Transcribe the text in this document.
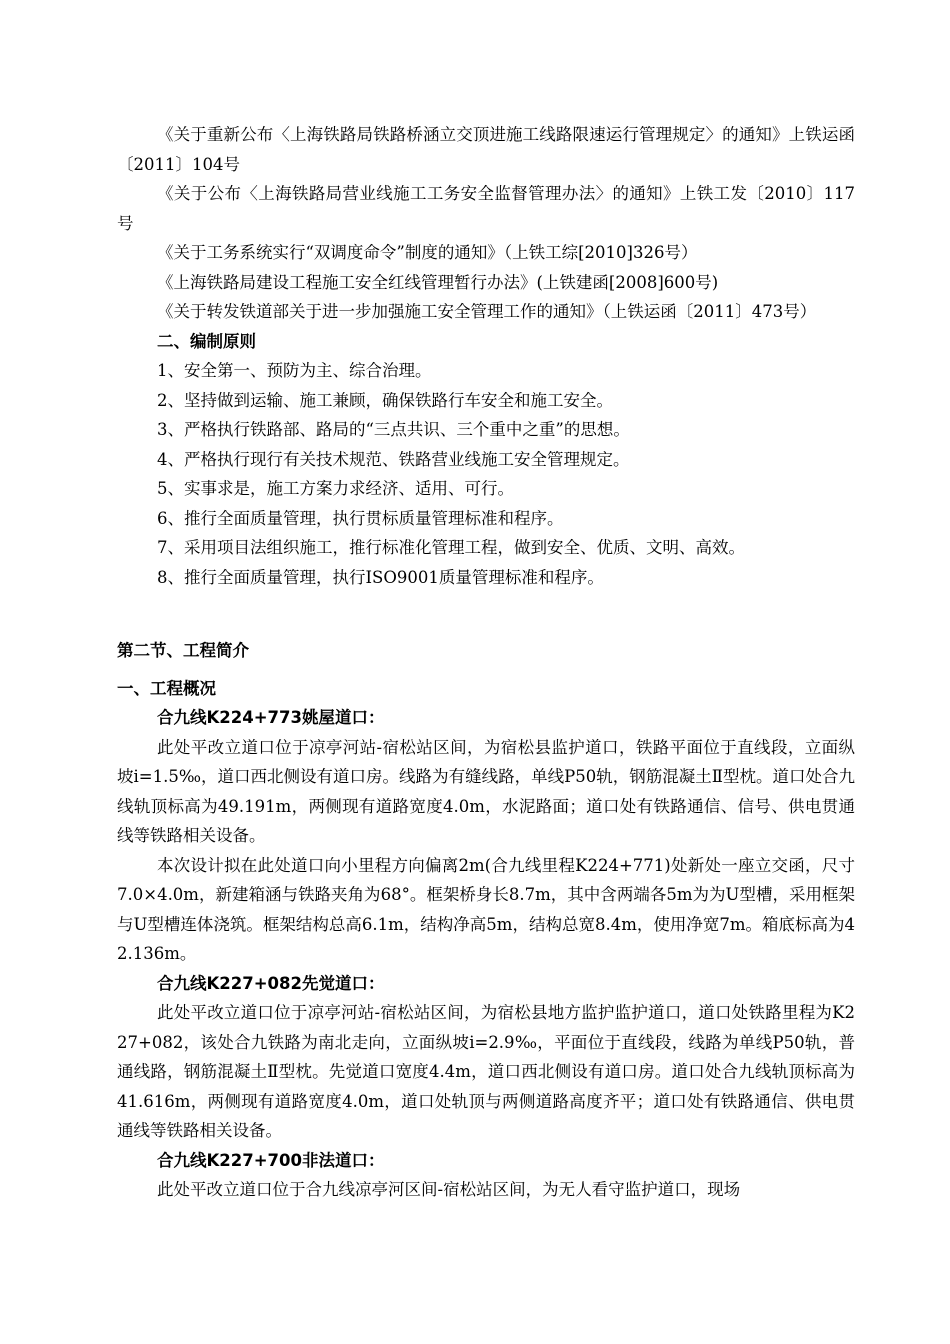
《关于重新公布〈上海铁路局铁路桥涵立交顶进施工线路限速运行管理规定〉的通知》上铁运函〔2011〕104号

《关于公布〈上海铁路局营业线施工工务安全监督管理办法〉的通知》上铁工发〔2010〕117号

《关于工务系统实行“双调度命令”制度的通知》（上铁工综[2010]326号）

《上海铁路局建设工程施工安全红线管理暂行办法》(上铁建函[2008]600号)

《关于转发铁道部关于进一步加强施工安全管理工作的通知》（上铁运函〔2011〕473号）

二、编制原则

1、安全第一、预防为主、综合治理。

2、坚持做到运输、施工兼顾，确保铁路行车安全和施工安全。

3、严格执行铁路部、路局的“三点共识、三个重中之重”的思想。

4、严格执行现行有关技术规范、铁路营业线施工安全管理规定。

5、实事求是，施工方案力求经济、适用、可行。

6、推行全面质量管理，执行贯标质量管理标准和程序。

7、采用项目法组织施工，推行标准化管理工程，做到安全、优质、文明、高效。

8、推行全面质量管理，执行ISO9001质量管理标准和程序。

第二节、工程简介

一、工程概况

合九线K224+773姚屋道口：

此处平改立道口位于凉亭河站-宿松站区间，为宿松县监护道口，铁路平面位于直线段，立面纵坡i=1.5‰，道口西北侧设有道口房。线路为有缝线路，单线P50轨，钢筋混凝土Ⅱ型枕。道口处合九线轨顶标高为49.191m，两侧现有道路宽度4.0m，水泥路面；道口处有铁路通信、信号、供电贯通线等铁路相关设备。

本次设计拟在此处道口向小里程方向偏离2m(合九线里程K224+771)处新处一座立交函，尺寸7.0×4.0m，新建箱涵与铁路夹角为68°。框架桥身长8.7m，其中含两端各5m为为U型槽，采用框架与U型槽连体浇筑。框架结构总高6.1m，结构净高5m，结构总宽8.4m，使用净宽7m。箱底标高为42.136m。

合九线K227+082先觉道口：

此处平改立道口位于凉亭河站-宿松站区间，为宿松县地方监护监护道口，道口处铁路里程为K227+082，该处合九铁路为南北走向，立面纵坡i=2.9‰，平面位于直线段，线路为单线P50轨，普通线路，钢筋混凝土Ⅱ型枕。先觉道口宽度4.4m，道口西北侧设有道口房。道口处合九线轨顶标高为41.616m，两侧现有道路宽度4.0m，道口处轨顶与两侧道路高度齐平；道口处有铁路通信、供电贯通线等铁路相关设备。

合九线K227+700非法道口：

此处平改立道口位于合九线凉亭河区间-宿松站区间，为无人看守监护道口，现场
